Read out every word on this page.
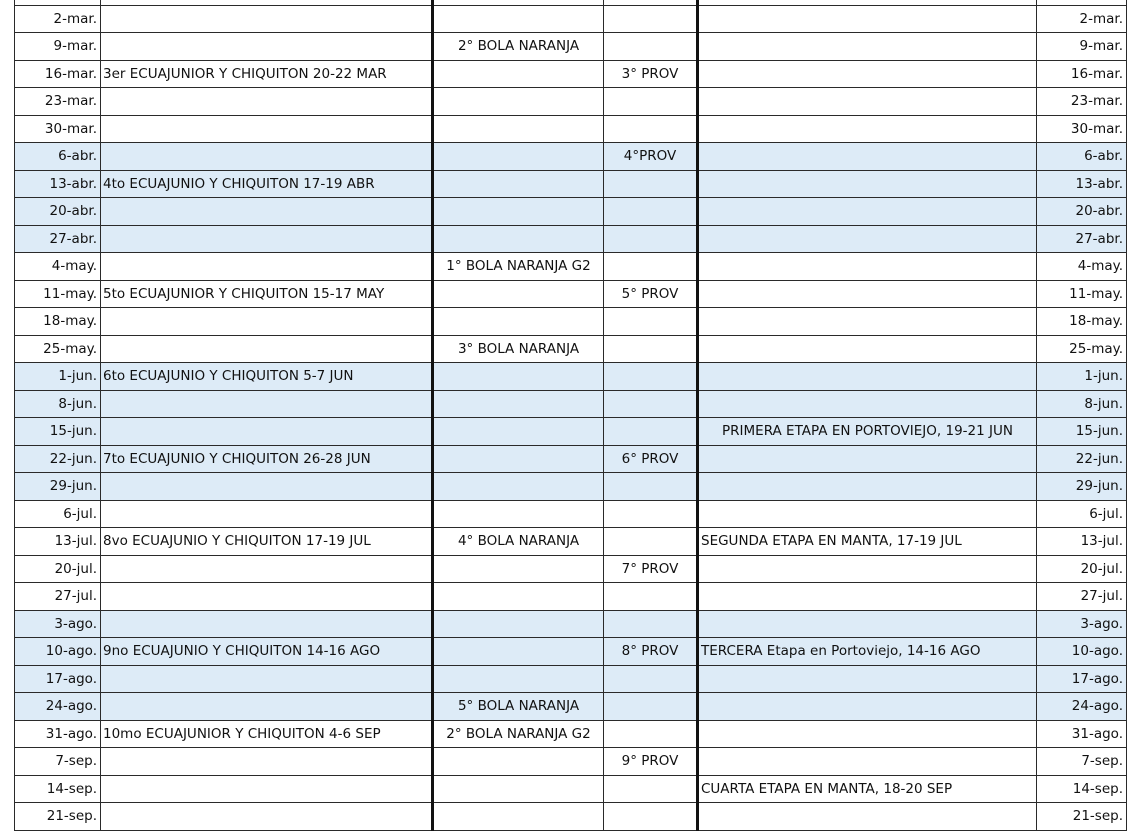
2-mar.					2-mar.
9-mar.		2° BOLA NARANJA			9-mar.
16-mar.	3er ECUAJUNIOR Y CHIQUITON 20-22 MAR		3° PROV		16-mar.
23-mar.					23-mar.
30-mar.					30-mar.
6-abr.			4°PROV		6-abr.
13-abr.	4to ECUAJUNIO Y CHIQUITON 17-19 ABR				13-abr.
20-abr.					20-abr.
27-abr.					27-abr.
4-may.		1° BOLA NARANJA G2			4-may.
11-may.	5to ECUAJUNIOR Y CHIQUITON 15-17 MAY		5° PROV		11-may.
18-may.					18-may.
25-may.		3° BOLA NARANJA			25-may.
1-jun.	6to ECUAJUNIO Y CHIQUITON 5-7 JUN				1-jun.
8-jun.					8-jun.
15-jun.				PRIMERA ETAPA EN PORTOVIEJO, 19-21 JUN	15-jun.
22-jun.	7to ECUAJUNIO Y CHIQUITON 26-28 JUN		6° PROV		22-jun.
29-jun.					29-jun.
6-jul.					6-jul.
13-jul.	8vo ECUAJUNIO Y CHIQUITON 17-19 JUL	4° BOLA NARANJA		SEGUNDA ETAPA EN MANTA, 17-19 JUL	13-jul.
20-jul.			7° PROV		20-jul.
27-jul.					27-jul.
3-ago.					3-ago.
10-ago.	9no ECUAJUNIO Y CHIQUITON 14-16 AGO		8° PROV	TERCERA Etapa en Portoviejo, 14-16 AGO	10-ago.
17-ago.					17-ago.
24-ago.		5° BOLA NARANJA			24-ago.
31-ago.	10mo ECUAJUNIOR Y CHIQUITON 4-6 SEP	2° BOLA NARANJA G2			31-ago.
7-sep.			9° PROV		7-sep.
14-sep.				CUARTA ETAPA EN MANTA, 18-20 SEP	14-sep.
21-sep.					21-sep.
